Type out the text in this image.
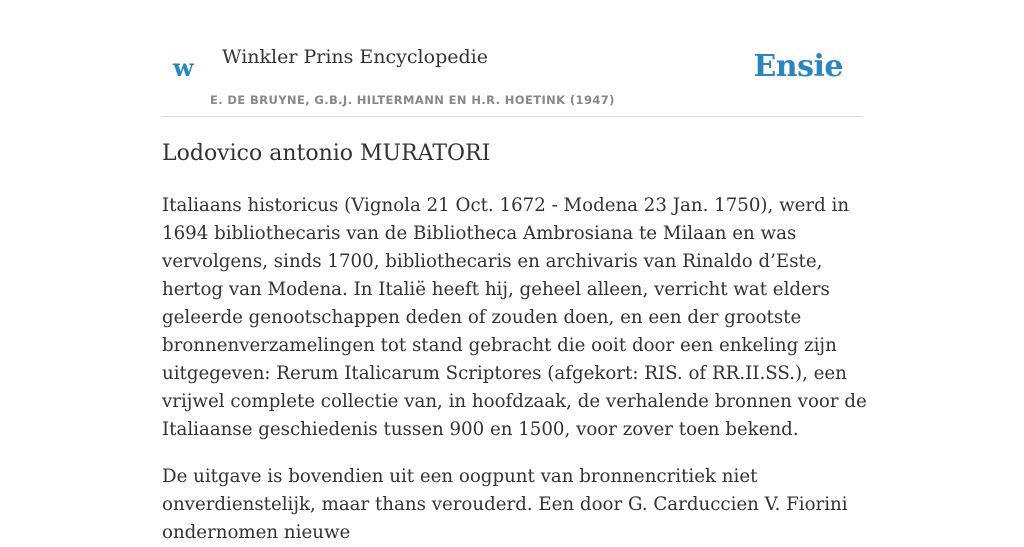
w Winkler Prins Encyclopedie
E. DE BRUYNE, G.B.J. HILTERMANN EN H.R. HOETINK (1947)
Ensie
Lodovico antonio MURATORI

Italiaans historicus (Vignola 21 Oct. 1672 - Modena 23 Jan. 1750), werd in 1694 bibliothecaris van de Bibliotheca Ambrosiana te Milaan en was vervolgens, sinds 1700, bibliothecaris en archivaris van Rinaldo d’Este, hertog van Modena. In Italië heeft hij, geheel alleen, verricht wat elders geleerde genootschappen deden of zouden doen, en een der grootste bronnenverzamelingen tot stand gebracht die ooit door een enkeling zijn uitgegeven: Rerum Italicarum Scriptores (afgekort: RIS. of RR.II.SS.), een vrijwel complete collectie van, in hoofdzaak, de verhalende bronnen voor de Italiaanse geschiedenis tussen 900 en 1500, voor zover toen bekend.

De uitgave is bovendien uit een oogpunt van bronnencritiek niet onverdienstelijk, maar thans verouderd. Een door G. Carduccien V. Fiorini ondernomen nieuwe
